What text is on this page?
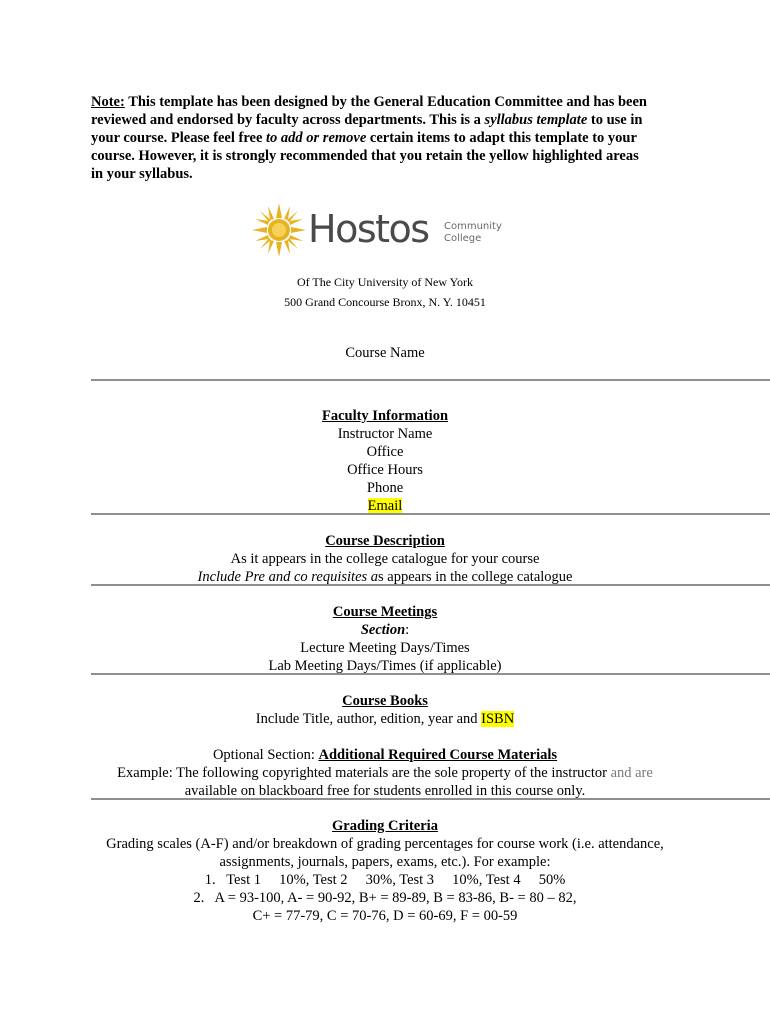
Note: This template has been designed by the General Education Committee and has been reviewed and endorsed by faculty across departments. This is a syllabus template to use in your course. Please feel free to add or remove certain items to adapt this template to your course. However, it is strongly recommended that you retain the yellow highlighted areas in your syllabus.
Hostos Community
College
Of The City University of New York
500 Grand Concourse Bronx, N. Y. 10451
Course Name
Faculty Information
Instructor Name
Office
Office Hours
Phone
Email
Course Description
As it appears in the college catalogue for your course
Include Pre and co requisites as appears in the college catalogue
Course Meetings
Section:
Lecture Meeting Days/Times
Lab Meeting Days/Times (if applicable)
Course Books
Include Title, author, edition, year and ISBN
Optional Section: Additional Required Course Materials
Example: The following copyrighted materials are the sole property of the instructor and are
available on blackboard free for students enrolled in this course only.
Grading Criteria
Grading scales (A-F) and/or breakdown of grading percentages for course work (i.e. attendance,
assignments, journals, papers, exams, etc.). For example:
1.   Test 1     10%, Test 2     30%, Test 3     10%, Test 4     50%
2.   A = 93-100, A- = 90-92, B+ = 89-89, B = 83-86, B- = 80 – 82,
C+ = 77-79, C = 70-76, D = 60-69, F = 00-59
